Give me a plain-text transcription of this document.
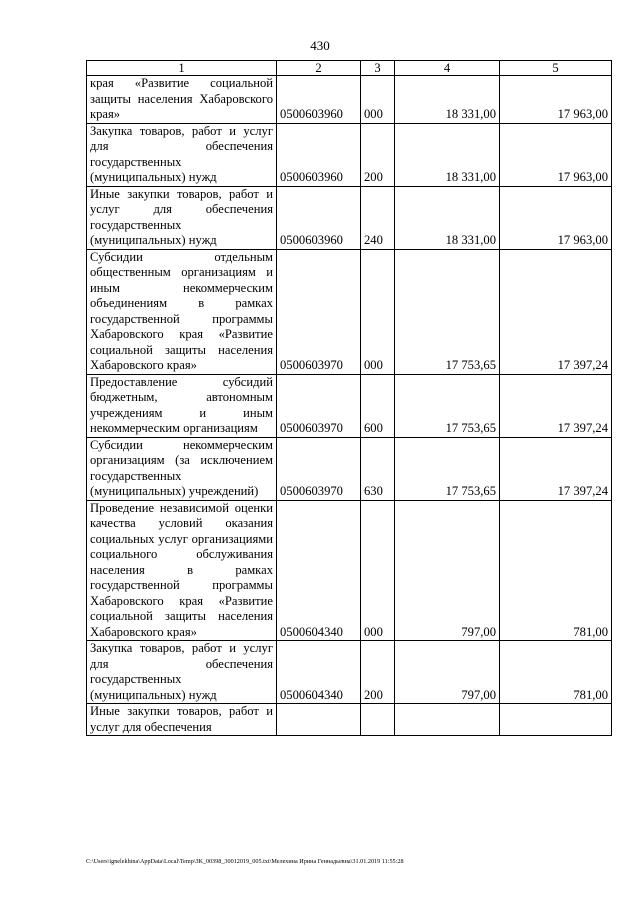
430
1	2	3	4	5
края «Развитие социальной защиты населения Хабаровского края»	0500603960	000	18 331,00	17 963,00
Закупка товаров, работ и услуг для обеспечения государственных (муниципальных) нужд	0500603960	200	18 331,00	17 963,00
Иные закупки товаров, работ и услуг для обеспечения государственных (муниципальных) нужд	0500603960	240	18 331,00	17 963,00
Субсидии отдельным общественным организациям и иным некоммерческим объединениям в рамках государственной программы Хабаровского края «Развитие социальной защиты населения Хабаровского края»	0500603970	000	17 753,65	17 397,24
Предоставление субсидий бюджетным, автономным учреждениям и иным некоммерческим организациям	0500603970	600	17 753,65	17 397,24
Субсидии некоммерческим организациям (за исключением государственных (муниципальных) учреждений)	0500603970	630	17 753,65	17 397,24
Проведение независимой оценки качества условий оказания социальных услуг организациями социального обслуживания населения в рамках государственной программы Хабаровского края «Развитие социальной защиты населения Хабаровского края»	0500604340	000	797,00	781,00
Закупка товаров, работ и услуг для обеспечения государственных (муниципальных) нужд	0500604340	200	797,00	781,00
Иные закупки товаров, работ и услуг для обеспечения				
C:\Users\ignelekhina\AppData\Local\Temp\ЗК_00398_30012019_005.txt\Мелехина Ирина Геннадьевна\31.01.2019 11:55:28
